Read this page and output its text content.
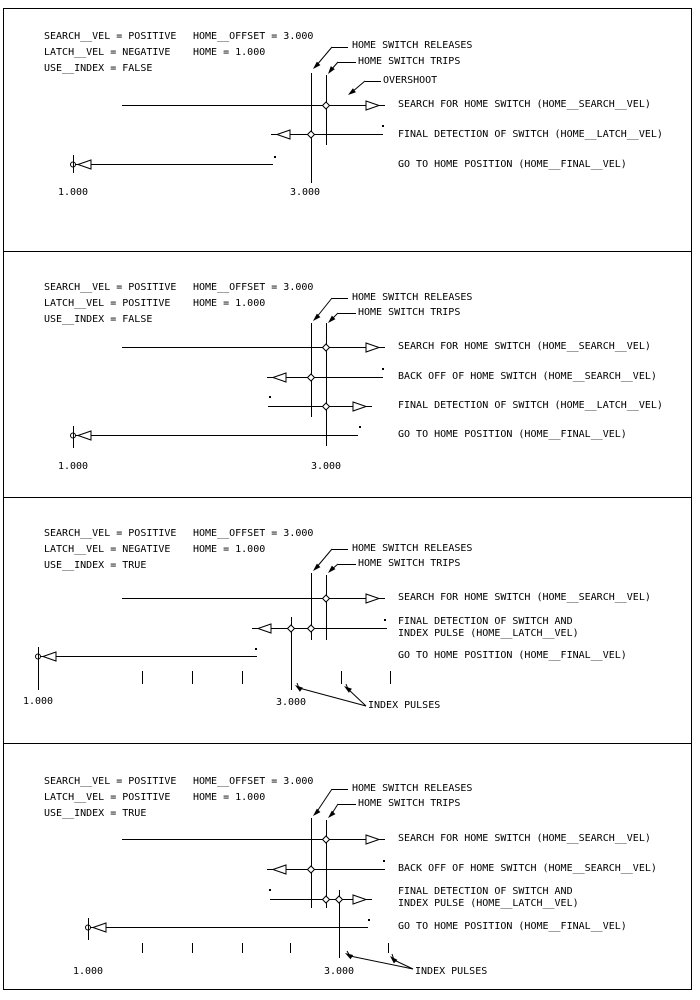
SEARCH__VEL = POSITIVE HOME__OFFSET = 3.000
LATCH__VEL = NEGATIVE HOME = 1.000
USE__INDEX = FALSE
HOME SWITCH RELEASES
HOME SWITCH TRIPS
OVERSHOOT
SEARCH FOR HOME SWITCH (HOME__SEARCH__VEL)
FINAL DETECTION OF SWITCH (HOME__LATCH__VEL)
GO TO HOME POSITION (HOME__FINAL__VEL)
1.000	3.000
SEARCH__VEL = POSITIVE HOME__OFFSET = 3.000
LATCH__VEL = POSITIVE HOME = 1.000
USE__INDEX = FALSE
HOME SWITCH RELEASES
HOME SWITCH TRIPS
SEARCH FOR HOME SWITCH (HOME__SEARCH__VEL)
BACK OFF OF HOME SWITCH (HOME__SEARCH__VEL)
FINAL DETECTION OF SWITCH (HOME__LATCH__VEL)
GO TO HOME POSITION (HOME__FINAL__VEL)
1.000	3.000
SEARCH__VEL = POSITIVE HOME__OFFSET = 3.000
LATCH__VEL = NEGATIVE HOME = 1.000
USE__INDEX = TRUE
HOME SWITCH RELEASES
HOME SWITCH TRIPS
SEARCH FOR HOME SWITCH (HOME__SEARCH__VEL)
FINAL DETECTION OF SWITCH AND
INDEX PULSE (HOME__LATCH__VEL)
GO TO HOME POSITION (HOME__FINAL__VEL)
INDEX PULSES
1.000	3.000
SEARCH__VEL = POSITIVE HOME__OFFSET = 3.000
LATCH__VEL = POSITIVE HOME = 1.000
USE__INDEX = TRUE
HOME SWITCH RELEASES
HOME SWITCH TRIPS
SEARCH FOR HOME SWITCH (HOME__SEARCH__VEL)
BACK OFF OF HOME SWITCH (HOME__SEARCH__VEL)
FINAL DETECTION OF SWITCH AND
INDEX PULSE (HOME__LATCH__VEL)
GO TO HOME POSITION (HOME__FINAL__VEL)
INDEX PULSES
1.000	3.000
